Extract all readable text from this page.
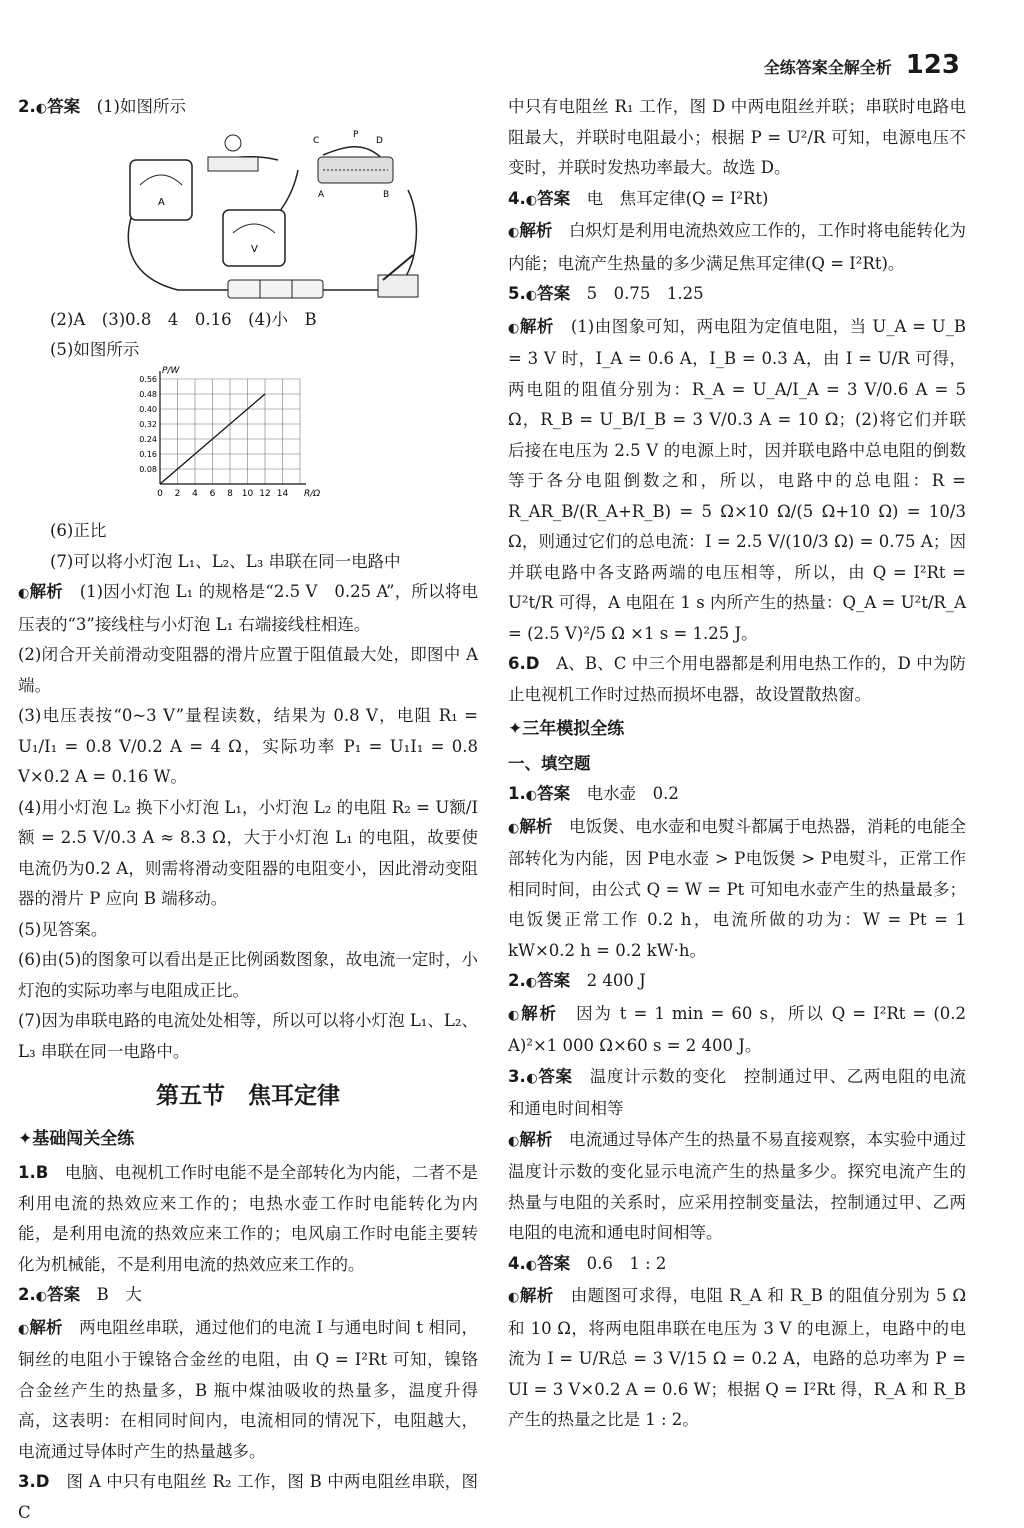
全练答案全解全析 123

2.◐答案　 (1)如图所示

A
V
C
P
D
A	B

(2)A　(3)0.8　4　0.16　(4)小　B

(5)如图所示

0 2 4 6 8 10 12 14
0.08
0.16
0.24
0.32
0.40
0.48
0.56
R/Ω
P/W

(6)正比

(7)可以将小灯泡 L₁、L₂、L₃ 串联在同一电路中

◐解析　 (1)因小灯泡 L₁ 的规格是“2.5 V　0.25 A”，所以将电压表的“3”接线柱与小灯泡 L₁ 右端接线柱相连。

(2)闭合开关前滑动变阻器的滑片应置于阻值最大处，即图中 A 端。

(3)电压表按“0~3 V”量程读数，结果为 0.8 V，电阻 R₁ = U₁/I₁ = 0.8 V/0.2 A = 4 Ω，实际功率 P₁ = U₁I₁ = 0.8 V×0.2 A = 0.16 W。

(4)用小灯泡 L₂ 换下小灯泡 L₁，小灯泡 L₂ 的电阻 R₂ = U额/I额 = 2.5 V/0.3 A ≈ 8.3 Ω，大于小灯泡 L₁ 的电阻，故要使电流仍为0.2 A，则需将滑动变阻器的电阻变小，因此滑动变阻器的滑片 P 应向 B 端移动。

(5)见答案。

(6)由(5)的图象可以看出是正比例函数图象，故电流一定时，小灯泡的实际功率与电阻成正比。

(7)因为串联电路的电流处处相等，所以可以将小灯泡 L₁、L₂、L₃ 串联在同一电路中。

第五节　焦耳定律
✦基础闯关全练

1.B　 电脑、电视机工作时电能不是全部转化为内能，二者不是利用电流的热效应来工作的；电热水壶工作时电能转化为内能，是利用电流的热效应来工作的；电风扇工作时电能主要转化为机械能，不是利用电流的热效应来工作的。

2.◐答案　 B　大

◐解析　 两电阻丝串联，通过他们的电流 I 与通电时间 t 相同，铜丝的电阻小于镍铬合金丝的电阻，由 Q = I²Rt 可知，镍铬合金丝产生的热量多，B 瓶中煤油吸收的热量多，温度升得高，这表明：在相同时间内，电流相同的情况下，电阻越大，电流通过导体时产生的热量越多。

3.D　 图 A 中只有电阻丝 R₂ 工作，图 B 中两电阻丝串联，图 C

中只有电阻丝 R₁ 工作，图 D 中两电阻丝并联；串联时电路电阻最大，并联时电阻最小；根据 P = U²/R 可知，电源电压不变时，并联时发热功率最大。故选 D。

4.◐答案　 电　焦耳定律(Q = I²Rt)

◐解析　 白炽灯是利用电流热效应工作的，工作时将电能转化为内能；电流产生热量的多少满足焦耳定律(Q = I²Rt)。

5.◐答案　 5　0.75　1.25

◐解析　 (1)由图象可知，两电阻为定值电阻，当 U_A = U_B = 3 V 时，I_A = 0.6 A，I_B = 0.3 A，由 I = U/R 可得，两电阻的阻值分别为：R_A = U_A/I_A = 3 V/0.6 A = 5 Ω，R_B = U_B/I_B = 3 V/0.3 A = 10 Ω；(2)将它们并联后接在电压为 2.5 V 的电源上时，因并联电路中总电阻的倒数等于各分电阻倒数之和，所以，电路中的总电阻：R = R_AR_B/(R_A+R_B) = 5 Ω×10 Ω/(5 Ω+10 Ω) = 10/3 Ω，则通过它们的总电流：I = 2.5 V/(10/3 Ω) = 0.75 A；因并联电路中各支路两端的电压相等，所以，由 Q = I²Rt = U²t/R 可得，A 电阻在 1 s 内所产生的热量：Q_A = U²t/R_A = (2.5 V)²/5 Ω ×1 s = 1.25 J。

6.D　 A、B、C 中三个用电器都是利用电热工作的，D 中为防止电视机工作时过热而损坏电器，故设置散热窗。

✦三年模拟全练

一、填空题

1.◐答案　 电水壶　0.2

◐解析　 电饭煲、电水壶和电熨斗都属于电热器，消耗的电能全部转化为内能，因 P电水壶 > P电饭煲 > P电熨斗，正常工作相同时间，由公式 Q = W = Pt 可知电水壶产生的热量最多；电饭煲正常工作 0.2 h，电流所做的功为：W = Pt = 1 kW×0.2 h = 0.2 kW·h。

2.◐答案　 2 400 J

◐解析　 因为 t = 1 min = 60 s，所以 Q = I²Rt = (0.2 A)²×1 000 Ω×60 s = 2 400 J。

3.◐答案　 温度计示数的变化　控制通过甲、乙两电阻的电流和通电时间相等

◐解析　 电流通过导体产生的热量不易直接观察，本实验中通过温度计示数的变化显示电流产生的热量多少。探究电流产生的热量与电阻的关系时，应采用控制变量法，控制通过甲、乙两电阻的电流和通电时间相等。

4.◐答案　 0.6　1 : 2

◐解析　 由题图可求得，电阻 R_A 和 R_B 的阻值分别为 5 Ω 和 10 Ω，将两电阻串联在电压为 3 V 的电源上，电路中的电流为 I = U/R总 = 3 V/15 Ω = 0.2 A，电路的总功率为 P = UI = 3 V×0.2 A = 0.6 W；根据 Q = I²Rt 得，R_A 和 R_B 产生的热量之比是 1 : 2。
